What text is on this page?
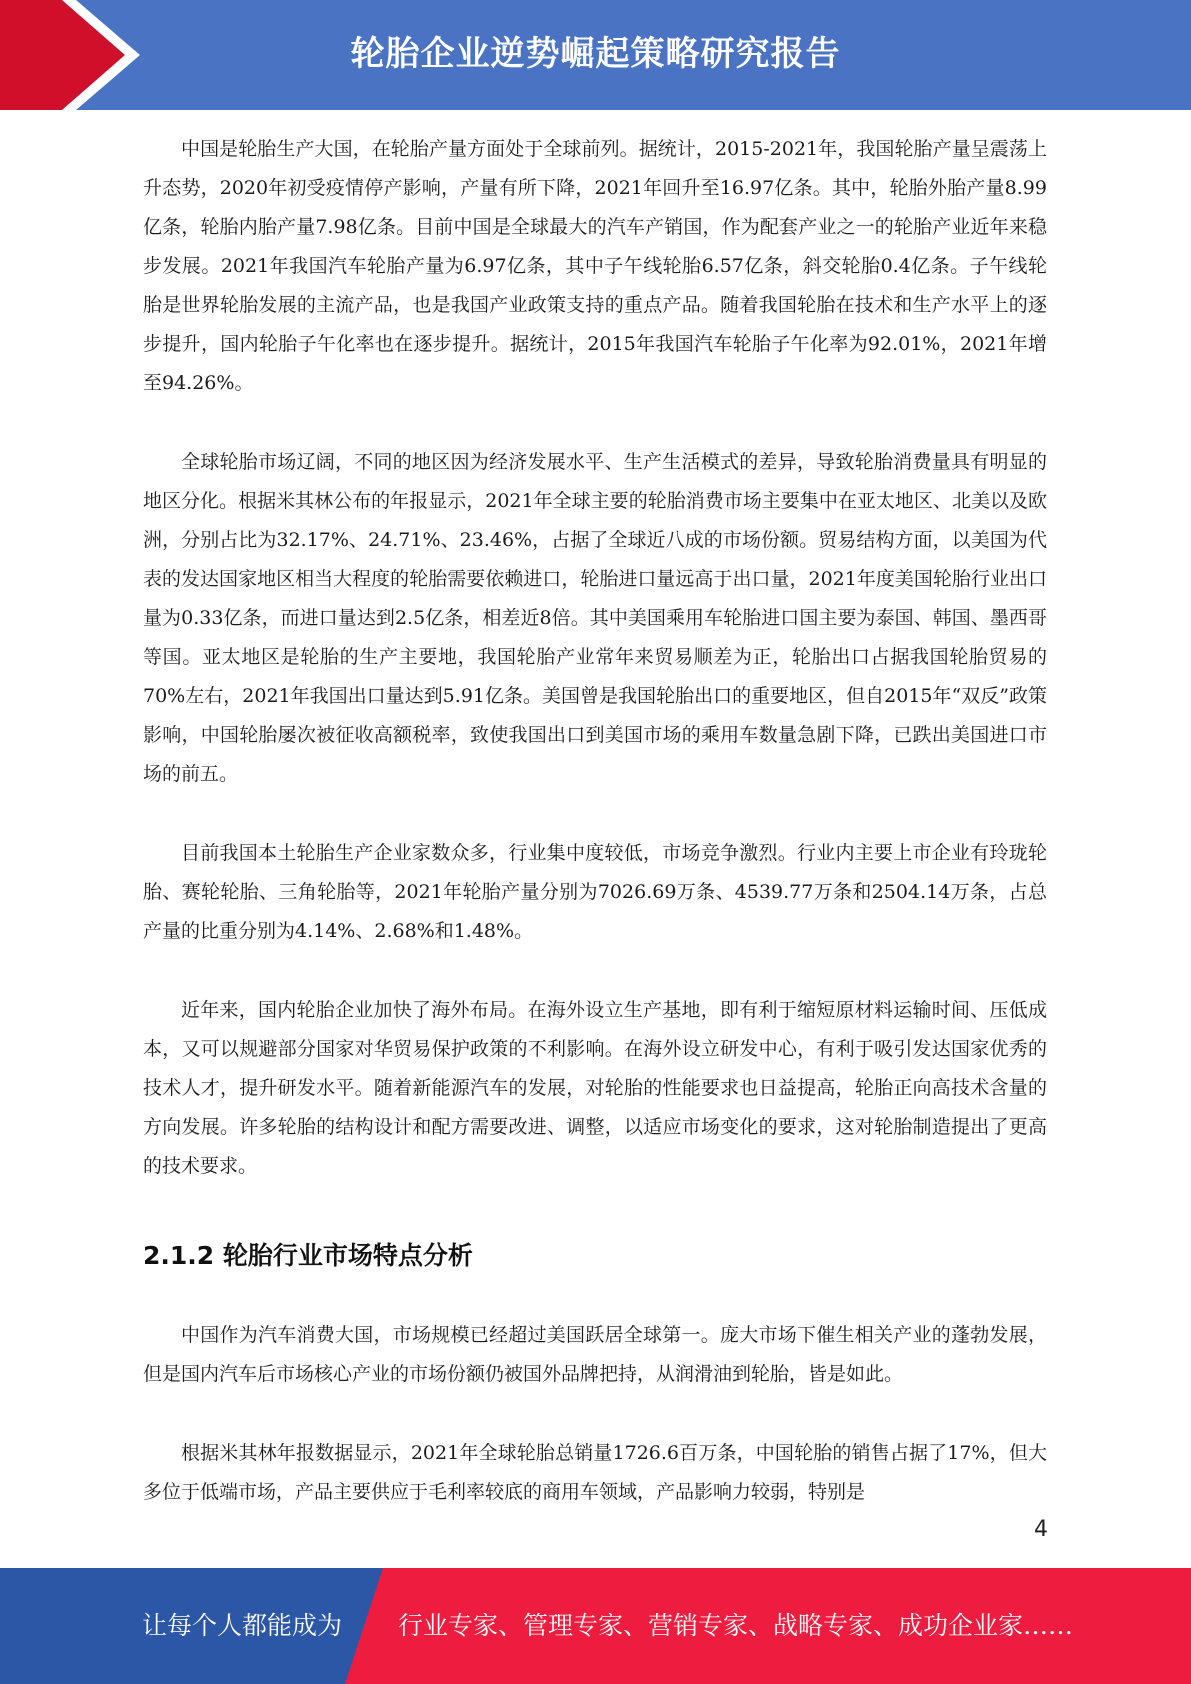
轮胎企业逆势崛起策略研究报告

中国是轮胎生产大国，在轮胎产量方面处于全球前列。据统计，2015-2021年，我国轮胎产量呈震荡上升态势，2020年初受疫情停产影响，产量有所下降，2021年回升至16.97亿条。其中，轮胎外胎产量8.99亿条，轮胎内胎产量7.98亿条。目前中国是全球最大的汽车产销国，作为配套产业之一的轮胎产业近年来稳步发展。2021年我国汽车轮胎产量为6.97亿条，其中子午线轮胎6.57亿条，斜交轮胎0.4亿条。子午线轮胎是世界轮胎发展的主流产品，也是我国产业政策支持的重点产品。随着我国轮胎在技术和生产水平上的逐步提升，国内轮胎子午化率也在逐步提升。据统计，2015年我国汽车轮胎子午化率为92.01%，2021年增至94.26%。

全球轮胎市场辽阔，不同的地区因为经济发展水平、生产生活模式的差异，导致轮胎消费量具有明显的地区分化。根据米其林公布的年报显示，2021年全球主要的轮胎消费市场主要集中在亚太地区、北美以及欧洲，分别占比为32.17%、24.71%、23.46%，占据了全球近八成的市场份额。贸易结构方面，以美国为代表的发达国家地区相当大程度的轮胎需要依赖进口，轮胎进口量远高于出口量，2021年度美国轮胎行业出口量为0.33亿条，而进口量达到2.5亿条，相差近8倍。其中美国乘用车轮胎进口国主要为泰国、韩国、墨西哥等国。亚太地区是轮胎的生产主要地，我国轮胎产业常年来贸易顺差为正，轮胎出口占据我国轮胎贸易的70%左右，2021年我国出口量达到5.91亿条。美国曾是我国轮胎出口的重要地区，但自2015年“双反”政策影响，中国轮胎屡次被征收高额税率，致使我国出口到美国市场的乘用车数量急剧下降，已跌出美国进口市场的前五。

目前我国本土轮胎生产企业家数众多，行业集中度较低，市场竞争激烈。行业内主要上市企业有玲珑轮胎、赛轮轮胎、三角轮胎等，2021年轮胎产量分别为7026.69万条、4539.77万条和2504.14万条，占总产量的比重分别为4.14%、2.68%和1.48%。

近年来，国内轮胎企业加快了海外布局。在海外设立生产基地，即有利于缩短原材料运输时间、压低成本，又可以规避部分国家对华贸易保护政策的不利影响。在海外设立研发中心，有利于吸引发达国家优秀的技术人才，提升研发水平。随着新能源汽车的发展，对轮胎的性能要求也日益提高，轮胎正向高技术含量的方向发展。许多轮胎的结构设计和配方需要改进、调整，以适应市场变化的要求，这对轮胎制造提出了更高的技术要求。

2.1.2 轮胎行业市场特点分析

中国作为汽车消费大国，市场规模已经超过美国跃居全球第一。庞大市场下催生相关产业的蓬勃发展，但是国内汽车后市场核心产业的市场份额仍被国外品牌把持，从润滑油到轮胎，皆是如此。

根据米其林年报数据显示，2021年全球轮胎总销量1726.6百万条，中国轮胎的销售占据了17%，但大多位于低端市场，产品主要供应于毛利率较底的商用车领域，产品影响力较弱，特别是

4
让每个人都能成为 行业专家、管理专家、营销专家、战略专家、成功企业家……
